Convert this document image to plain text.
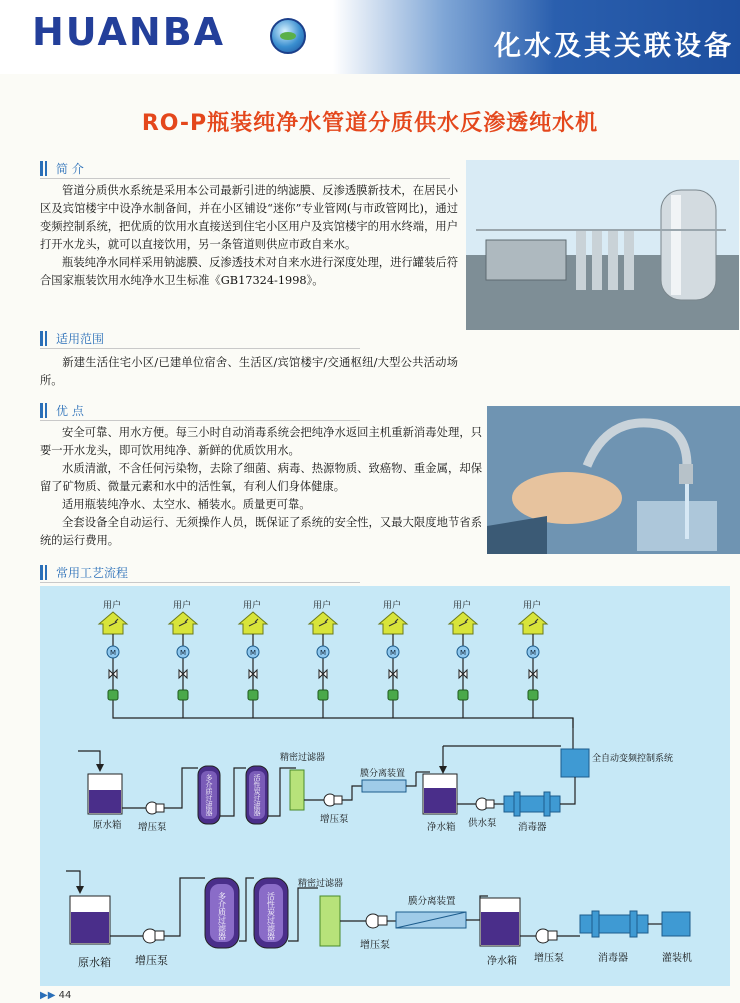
HUANBA	化水及其关联设备
RO-P瓶装纯净水管道分质供水反渗透纯水机
简 介
管道分质供水系统是采用本公司最新引进的纳滤膜、反渗透膜新技术，在居民小区及宾馆楼宇中设净水制备间，并在小区铺设“迷你”专业管网(与市政管网比)，通过变频控制系统，把优质的饮用水直接送到住宅小区用户及宾馆楼宇的用水终端，用户打开水龙头，就可以直接饮用，另一条管道则供应市政自来水。
瓶装纯净水同样采用钠滤膜、反渗透技术对自来水进行深度处理，进行罐装后符合国家瓶装饮用水纯净水卫生标准《GB17324-1998》。
适用范围
新建生活住宅小区/已建单位宿舍、生活区/宾馆楼宇/交通枢纽/大型公共活动场所。
优 点
安全可靠、用水方便。每三小时自动消毒系统会把纯净水返回主机重新消毒处理，只要一开水龙头，即可饮用纯净、新鲜的优质饮用水。
水质清澈，不含任何污染物，去除了细菌、病毒、热源物质、致癌物、重金属，却保留了矿物质、微量元素和水中的活性氧，有利人们身体健康。
适用瓶装纯净水、太空水、桶装水。质量更可靠。
全套设备全自动运行、无须操作人员，既保证了系统的安全性，又最大限度地节省系统的运行费用。
常用工艺流程
用户
M
用户
M
用户
M
用户
M
用户
M
用户
M
用户
M
全自动变频控制系统
原水箱 增压泵
多介质过滤器	活性炭过滤器
精密过滤器
增压泵
膜分离装置
净水箱 供水泵 消毒器
原水箱 增压泵
多介质过滤器	活性炭过滤器
精密过滤器
增压泵
膜分离装置
净水箱 增压泵	消毒器	灌装机
▶▶ 44
